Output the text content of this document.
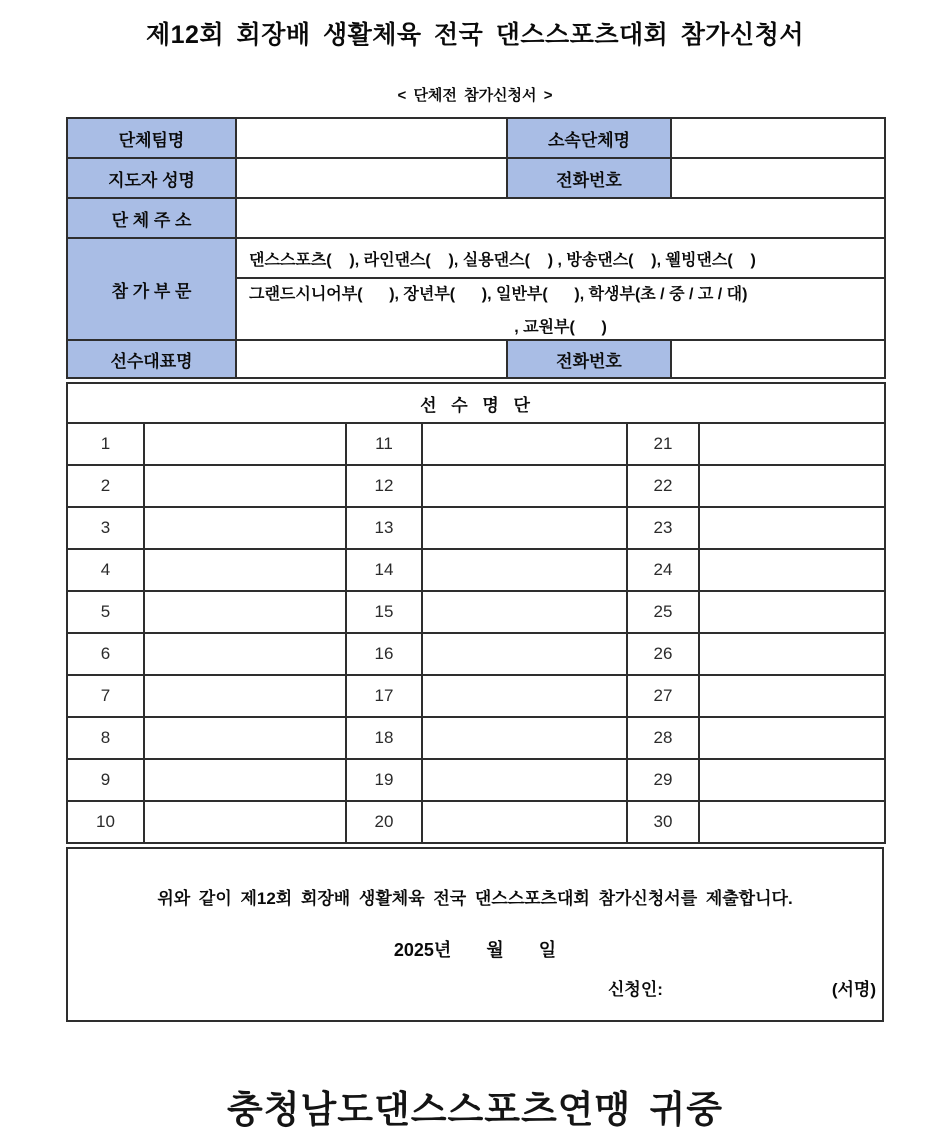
제12회 회장배 생활체육 전국 댄스스포츠대회 참가신청서
< 단체전 참가신청서 >
단체팀명		소속단체명	
지도자 성명		전화번호	
단 체 주 소			
참 가 부 문	댄스스포츠(    ), 라인댄스(    ), 실용댄스(    ) , 방송댄스(    ), 웰빙댄스(    )		

	그랜드시니어부(      ), 장년부(      ), 일반부(      ), 학생부(초 / 중 / 고 / 대)
, 교원부(      )		

선수대표명		전화번호	
선 수 명 단					
1		11		21	
2		12		22	
3		13		23	
4		14		24	
5		15		25	
6		16		26	
7		17		27	
8		18		28	
9		19		29	
10		20		30	
위와 같이 제12회 회장배 생활체육 전국 댄스스포츠대회 참가신청서를 제출합니다.
2025년 월 일
신청인:	(서명)
충청남도댄스스포츠연맹 귀중
